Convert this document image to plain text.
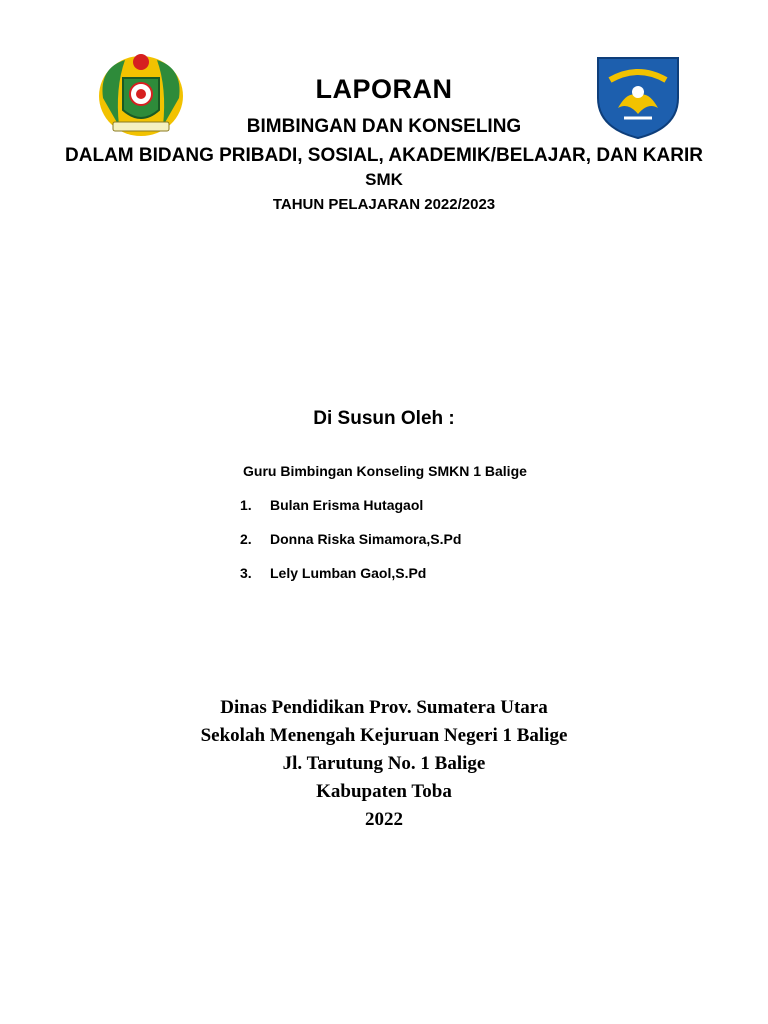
LAPORAN
BIMBINGAN DAN KONSELING
DALAM BIDANG PRIBADI, SOSIAL, AKADEMIK/BELAJAR, DAN KARIR
SMK
TAHUN PELAJARAN 2022/2023
Di Susun Oleh :
Guru Bimbingan Konseling SMKN 1 Balige
1.	Bulan Erisma Hutagaol
2.	Donna Riska Simamora,S.Pd
3.	Lely Lumban Gaol,S.Pd
Dinas Pendidikan Prov. Sumatera Utara
Sekolah Menengah Kejuruan Negeri 1 Balige
Jl. Tarutung No. 1 Balige
Kabupaten Toba
2022
